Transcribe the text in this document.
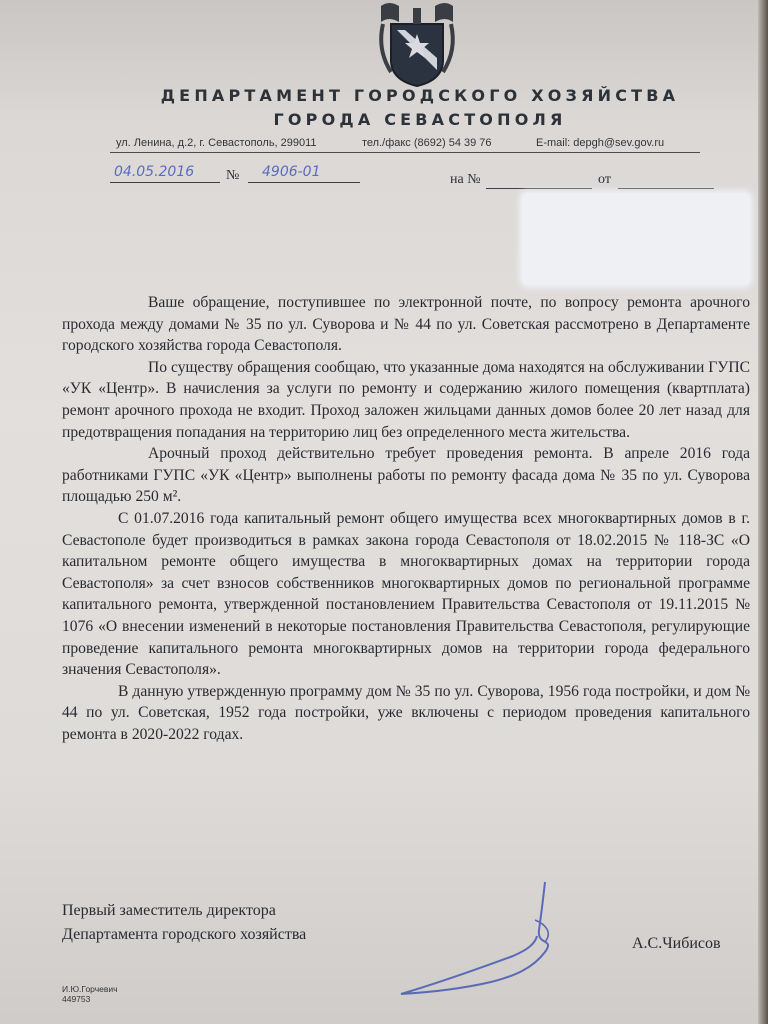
ДЕПАРТАМЕНТ ГОРОДСКОГО ХОЗЯЙСТВА
ГОРОДА СЕВАСТОПОЛЯ
ул. Ленина, д.2, г. Севастополь, 299011	тел./факс (8692) 54 39 76	E-mail: depgh@sev.gov.ru
04.05.2016 № 4906-01	на №	от

Ваше обращение, поступившее по электронной почте, по вопросу ремонта арочного прохода между домами № 35 по ул. Суворова и № 44 по ул. Советская рассмотрено в Департаменте городского хозяйства города Севастополя.

По существу обращения сообщаю, что указанные дома находятся на обслуживании ГУПС «УК «Центр». В начисления за услуги по ремонту и содержанию жилого помещения (квартплата) ремонт арочного прохода не входит. Проход заложен жильцами данных домов более 20 лет назад для предотвращения попадания на территорию лиц без определенного места жительства.

Арочный проход действительно требует проведения ремонта. В апреле 2016 года работниками ГУПС «УК «Центр» выполнены работы по ремонту фасада дома № 35 по ул. Суворова площадью 250 м².

С 01.07.2016 года капитальный ремонт общего имущества всех многоквартирных домов в г. Севастополе будет производиться в рамках закона города Севастополя от 18.02.2015 № 118-ЗС «О капитальном ремонте общего имущества в многоквартирных домах на территории города Севастополя» за счет взносов собственников многоквартирных домов по региональной программе капитального ремонта, утвержденной постановлением Правительства Севастополя от 19.11.2015 № 1076 «О внесении изменений в некоторые постановления Правительства Севастополя, регулирующие проведение капитального ремонта многоквартирных домов на территории города федерального значения Севастополя».

В данную утвержденную программу дом № 35 по ул. Суворова, 1956 года постройки, и дом № 44 по ул. Советская, 1952 года постройки, уже включены с периодом проведения капитального ремонта в 2020-2022 годах.

Первый заместитель директора
Департамента городского хозяйства
А.С.Чибисов
И.Ю.Горчевич
449753
